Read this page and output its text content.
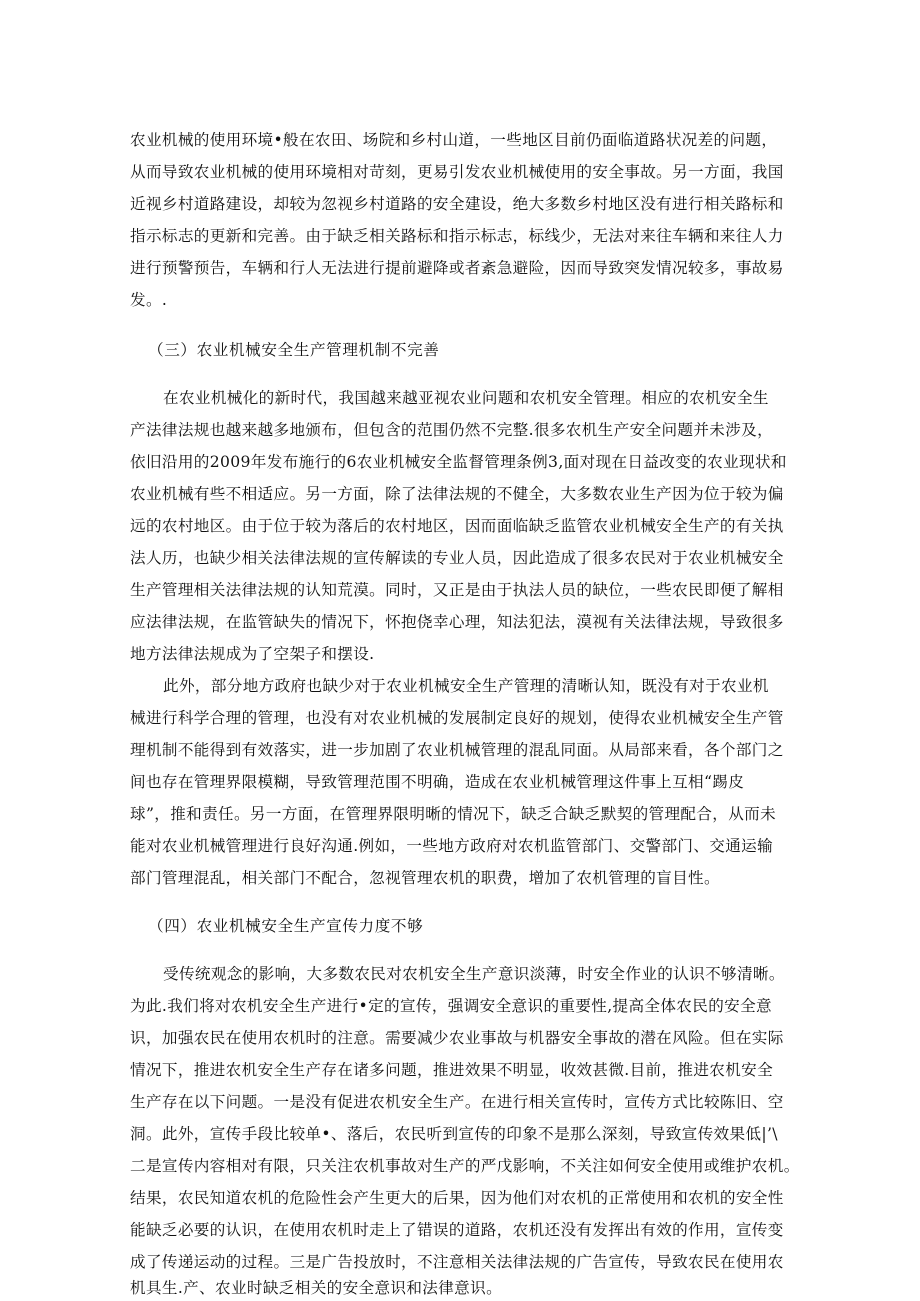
农业机械的使用环境•般在农田、场院和乡村山道，一些地区目前仍面临道路状况差的问题，
从而导致农业机械的使用环境相对苛刻，更易引发农业机械使用的安全事故。另一方面，我国
近视乡村道路建设，却较为忽视乡村道路的安全建设，绝大多数乡村地区没有进行相关路标和
指示标志的更新和完善。由于缺乏相关路标和指示标志，标线少，无法对来往车辆和来往人力
进行预警预告，车辆和行人无法进行提前避降或者紊急避险，因而导致突发情况较多，事故易
发。.
（三）农业机械安全生产管理机制不完善
在农业机械化的新时代，我国越来越亚视农业问题和农机安全管理。相应的农机安全生
产法律法规也越来越多地颁布，但包含的范围仍然不完整.很多农机生产安全问题并未涉及，
依旧沿用的2009年发布施行的6农业机械安全监督管理条例3,面对现在日益改变的农业现状和
农业机械有些不相适应。另一方面，除了法律法规的不健全，大多数农业生产因为位于较为偏
远的农村地区。由于位于较为落后的农村地区，因而面临缺乏监管农业机械安全生产的有关执
法人历，也缺少相关法律法规的宣传解读的专业人员，因此造成了很多农民对于农业机械安全
生产管理相关法律法规的认知荒漠。同时，又正是由于执法人员的缺位，一些农民即便了解相
应法律法规，在监管缺失的情况下，怀抱侥幸心理，知法犯法，漠视有关法律法规，导致很多
地方法律法规成为了空架子和摆设.
此外，部分地方政府也缺少对于农业机械安全生产管理的清晰认知，既没有对于农业机
械进行科学合理的管理，也没有对农业机械的发展制定良好的规划，使得农业机械安全生产管
理机制不能得到有效落实，进一步加剧了农业机械管理的混乱同面。从局部来看，各个部门之
间也存在管理界限模糊，导致管理范围不明确，造成在农业机械管理这件事上互相“踢皮
球”，推和责任。另一方面，在管理界限明晰的情况下，缺乏合缺乏默契的管理配合，从而未
能对农业机械管理进行良好沟通.例如，一些地方政府对农机监管部门、交警部门、交通运输
部门管理混乱，相关部门不配合，忽视管理农机的职费，增加了农机管理的盲目性。
（四）农业机械安全生产宣传力度不够
受传统观念的影响，大多数农民对农机安全生产意识淡薄，时安全作业的认识不够清晰。
为此.我们将对农机安全生产进行•定的宣传，强调安全意识的重要性,提高全体农民的安全意
识，加强农民在使用农机时的注意。需要减少农业事故与机器安全事故的潜在风险。但在实际
情况下，推进农机安全生产存在诸多问题，推进效果不明显，收效甚微.目前，推进农机安全
生产存在以下问题。一是没有促进农机安全生产。在进行相关宣传时，宣传方式比较陈旧、空
洞。此外，宣传手段比较单•、落后，农民听到宣传的印象不是那么深刻，导致宣传效果低|’\
二是宣传内容相对有限，只关注农机事故对生产的严戊影响，不关注如何安全使用或维护农机。
结果，农民知道农机的危险性会产生更大的后果，因为他们对农机的正常使用和农机的安全性
能缺乏必要的认识，在使用农机时走上了错误的道路，农机还没有发挥出有效的作用，宣传变
成了传递运动的过程。三是广告投放时，不注意相关法律法规的广告宣传，导致农民在使用农
机具生.产、农业时缺乏相关的安全意识和法律意识。
